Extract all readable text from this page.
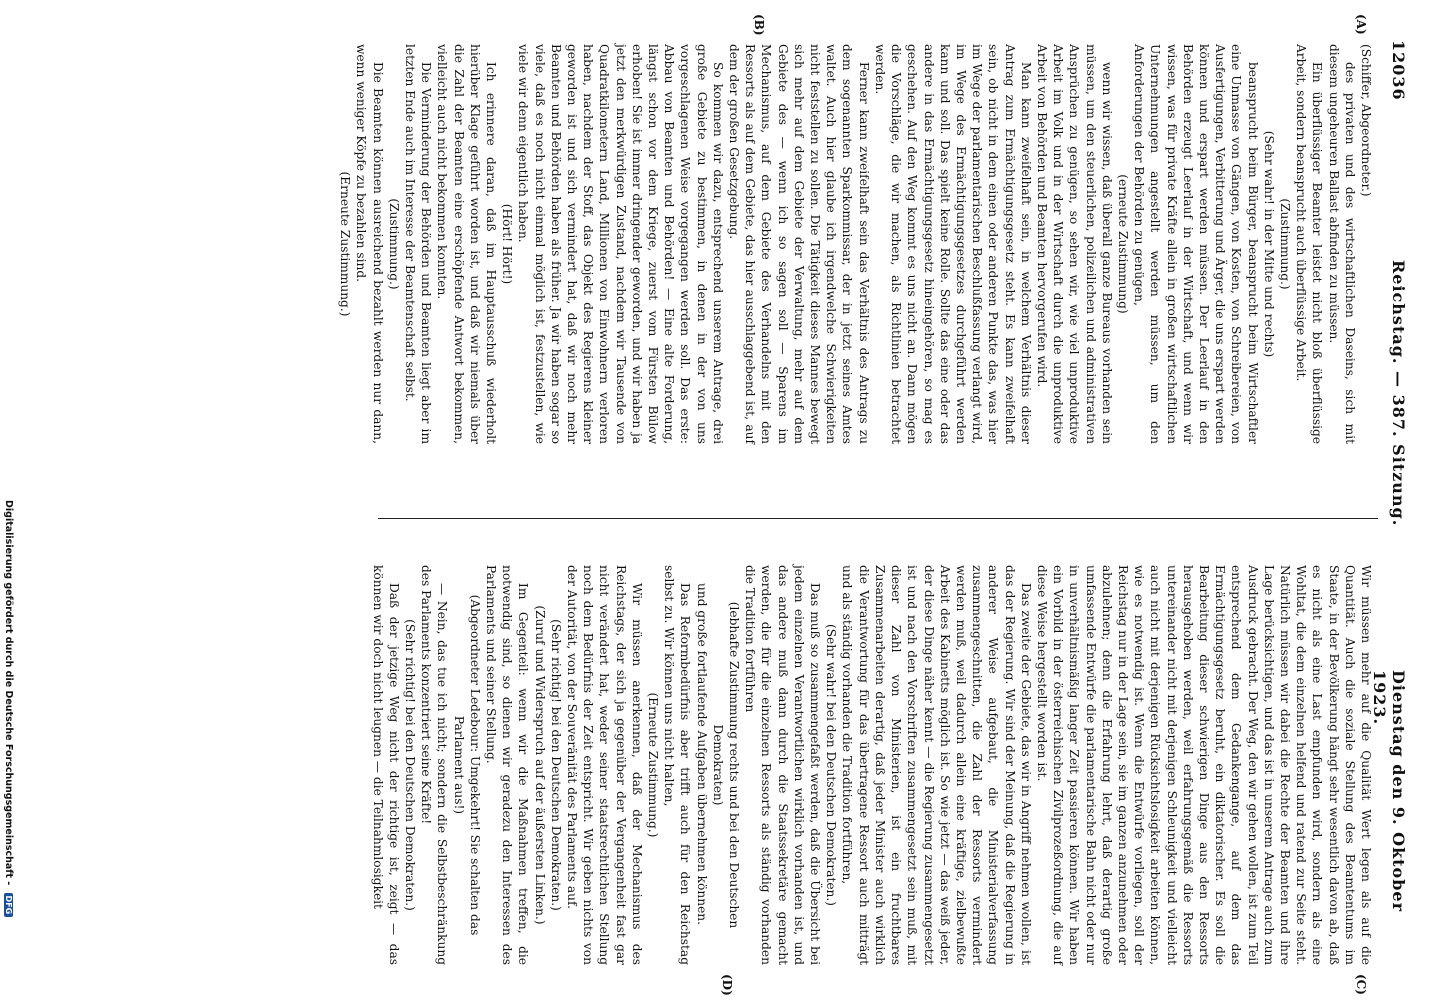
12036
Reichstag. — 387. Sitzung.
Dienstag den 9. Oktober 1923.
(A)
(B)
(C)
(D)

(Schiffer, Abgeordneter.)

des privaten und des wirtschaftlichen Daseins, sich mit diesem ungeheuren Ballast abfinden zu müssen.

Ein überflüssiger Beamter leistet nicht bloß überflüssige Arbeit, sondern beansprucht auch überflüssige Arbeit.

(Zustimmung.)

(Sehr wahr! in der Mitte und rechts)

beansprucht beim Bürger, beansprucht beim Wirtschaftler eine Unmasse von Gängen, von Kosten, von Schreibereien, von Ausfertigungen, Verbitterung und Ärger, die uns erspart werden können und erspart werden müssen. Der Leerlauf in den Behörden erzeugt Leerlauf in der Wirtschaft, und wenn wir wissen, was für private Kräfte allein in großen wirtschaftlichen Unternehmungen angestellt werden müssen, um den Anforderungen der Behörden zu genügen,

(erneute Zustimmung)

wenn wir wissen, daß überall ganze Bureaus vorhanden sein müssen, um den steuerlichen, polizeilichen und administrativen Ansprüchen zu genügen, so sehen wir, wie viel unproduktive Arbeit im Volk und in der Wirtschaft durch die unproduktive Arbeit von Behörden und Beamten hervorgerufen wird.

Man kann zweifelhaft sein, in welchem Verhältnis dieser Antrag zum Ermächtigungsgesetz steht. Es kann zweifelhaft sein, ob nicht in dem einen oder anderen Punkte das, was hier im Wege der parlamentarischen Beschlußfassung verlangt wird, im Wege des Ermächtigungsgesetzes durchgeführt werden kann und soll. Das spielt keine Rolle. Sollte das eine oder das andere in das Ermächtigungsgesetz hineingehören, so mag es geschehen. Auf den Weg kommt es uns nicht an. Dann mögen die Vorschläge, die wir machen, als Richtlinien betrachtet werden.

Ferner kann zweifelhaft sein das Verhältnis des Antrags zu dem sogenannten Sparkommissar, der in jetzt seines Amtes waltet. Auch hier glaube ich irgendwelche Schwierigkeiten nicht feststellen zu sollen. Die Tätigkeit dieses Mannes bewegt sich mehr auf dem Gebiete der Verwaltung, mehr auf dem Gebiete des — wenn ich so sagen soll — Sparens im Mechanismus, auf dem Gebiete des Verhandelns mit den Ressorts als auf dem Gebiete, das hier ausschlaggebend ist, auf dem der großen Gesetzgebung.

So kommen wir dazu, entsprechend unserem Antrage, drei große Gebiete zu bestimmen, in denen in der von uns vorgeschlagenen Weise vorgegangen werden soll. Das erste: Abbau von Beamten und Behörden! — Eine alte Forderung, längst schon vor dem Kriege, zuerst vom Fürsten Bülow erhoben! Sie ist immer dringender geworden, und wir haben ja jetzt den merkwürdigen Zustand, nachdem wir Tausende von Quadratkilometern Land, Millionen von Einwohnern verloren haben, nachdem der Stoff, das Objekt des Regierens kleiner geworden ist und sich vermindert hat, daß wir noch mehr Beamten und Behörden haben als früher. Ja wir haben sogar so viele, daß es noch nicht einmal möglich ist, festzustellen, wie viele wir denn eigentlich haben.

(Hört! Hört!)

Ich erinnere daran, daß im Hauptausschuß wiederholt hierüber Klage geführt worden ist, und daß wir niemals über die Zahl der Beamten eine erschöpfende Antwort bekommen, vielleicht auch nicht bekommen konnten.

Die Verminderung der Behörden und Beamten liegt aber im letzten Ende auch im Interesse der Beamtenschaft selbst.

(Zustimmung.)

Die Beamten können ausreichend bezahlt werden nur dann, wenn weniger Köpfe zu bezahlen sind.

(Erneute Zustimmung.)

Wir müssen mehr auf die Qualität Wert legen als auf die Quantität. Auch die soziale Stellung des Beamtentums im Staate, in der Bevölkerung hängt sehr wesentlich davon ab, daß es nicht als eine Last empfunden wird, sondern als eine Wohltat, die dem einzelnen helfend und ratend zur Seite steht. Natürlich müssen wir dabei die Rechte der Beamten und ihre Lage berücksichtigen, und das ist in unserem Antrage auch zum Ausdruck gebracht. Der Weg, den wir gehen wollen, ist zum Teil entsprechend dem Gedankengange, auf dem das Ermächtigungsgesetz beruht, ein diktatorischer. Es soll die Bearbeitung dieser schwierigen Dinge aus den Ressorts herausgehoben werden, weil erfahrungsgemäß die Ressorts untereinander nicht mit derjenigen Schleunigkeit und vielleicht auch nicht mit derjenigen Rücksichtslosigkeit arbeiten können, wie es notwendig ist. Wenn die Entwürfe vorliegen, soll der Reichstag nur in der Lage sein, sie im ganzen anzunehmen oder abzulehnen; denn die Erfahrung lehrt, daß derartig große umfassende Entwürfe die parlamentarische Bahn nicht oder nur in unverhältnismäßig langer Zeit passieren können. Wir haben ein Vorbild in der österreichischen Zivilprozeßordnung, die auf diese Weise hergestellt worden ist.

Das zweite der Gebiete, das wir in Angriff nehmen wollen, ist das der Regierung. Wir sind der Meinung, daß die Regierung in anderer Weise aufgebaut, die Ministerialverfassung zusammengeschnitten, die Zahl der Ressorts vermindert werden muß, weil dadurch allein eine kräftige, zielbewußte Arbeit des Kabinetts möglich ist. So wie jetzt — das weiß jeder, der diese Dinge näher kennt — die Regierung zusammengesetzt ist und nach den Vorschriften zusammengesetzt sein muß, mit dieser Zahl von Ministerien, ist ein fruchtbares Zusammenarbeiten derartig, daß jeder Minister auch wirklich die Verantwortung für das übertragene Ressort auch mitträgt und als ständig vorhanden die Tradition fortführen,

(Sehr wahr! bei den Deutschen Demokraten.)

Das muß so zusammengefaßt werden, daß die Übersicht bei jedem einzelnen Verantwortlichen wirklich vorhanden ist, und das andere muß dann durch die Staatssekretäre gemacht werden, die für die einzelnen Ressorts als ständig vorhanden die Tradition fortführen

(lebhafte Zustimmung rechts und bei den Deutschen Demokraten)

und große fortlaufende Aufgaben übernehmen können.

Das Reformbedürfnis aber trifft auch für den Reichstag selbst zu. Wir können uns nicht halten,

(Erneute Zustimmung.)

Wir müssen anerkennen, daß der Mechanismus des Reichstags, der sich ja gegenüber der Vergangenheit fast gar nicht verändert hat, weder seiner staatsrechtlichen Stellung noch dem Bedürfnis der Zeit entspricht. Wir geben nichts von der Autorität, von der Souveränität des Parlaments auf.

(Sehr richtig! bei den Deutschen Demokraten.)

(Zuruf und Widerspruch auf der äußersten Linken.)

Im Gegenteil: wenn wir die Maßnahmen treffen, die notwendig sind, so dienen wir geradezu den Interessen des Parlaments und seiner Stellung.

(Abgeordneter Ledebour: Umgekehrt! Sie schalten das Parlament aus!)

— Nein, das tue ich nicht; sondern die Selbstbeschränkung des Parlaments konzentriert seine Kräfte!

(Sehr richtig! bei den Deutschen Demokraten.)

Daß der jetzige Weg nicht der richtige ist, zeigt — das können wir doch nicht leugnen — die Teilnahmlosigkeit

Digitalisierung gefördert durch die Deutsche Forschungsgemeinschaft - DFG
